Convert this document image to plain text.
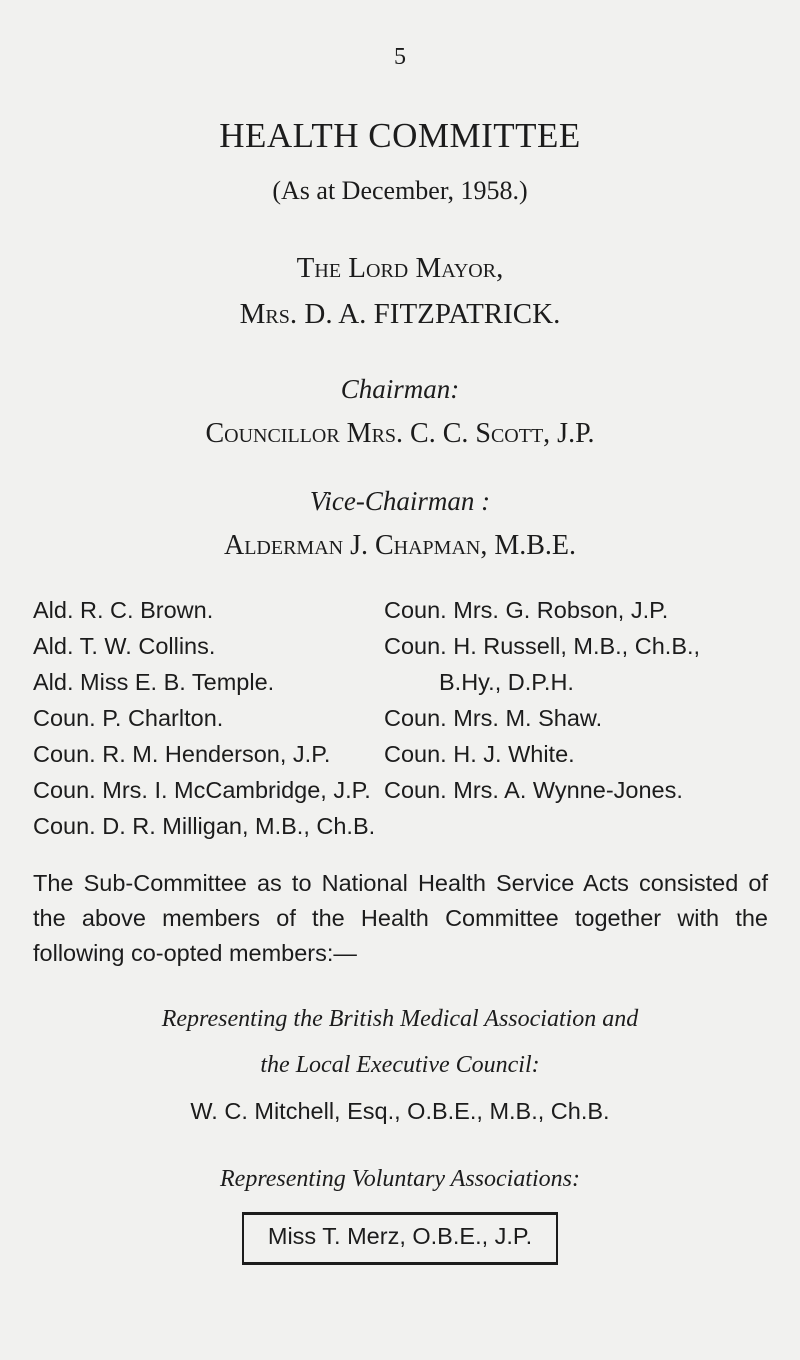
5
HEALTH COMMITTEE
(As at December, 1958.)
The Lord Mayor,
Mrs. D. A. FITZPATRICK.
Chairman:
Councillor Mrs. C. C. Scott, J.P.
Vice-Chairman :
Alderman J. Chapman, M.B.E.
Ald. R. C. Brown.
Ald. T. W. Collins.
Ald. Miss E. B. Temple.
Coun. P. Charlton.
Coun. R. M. Henderson, J.P.
Coun. Mrs. I. McCambridge, J.P.
Coun. D. R. Milligan, M.B., Ch.B.
Coun. Mrs. G. Robson, J.P.
Coun. H. Russell, M.B., Ch.B.,
B.Hy., D.P.H.
Coun. Mrs. M. Shaw.
Coun. H. J. White.
Coun. Mrs. A. Wynne-Jones.
The Sub-Committee as to National Health Service Acts consisted of the above members of the Health Committee together with the following co-opted members:—
Representing the British Medical Association and
the Local Executive Council:
W. C. Mitchell, Esq., O.B.E., M.B., Ch.B.
Representing Voluntary Associations:
Miss T. Merz, O.B.E., J.P.
